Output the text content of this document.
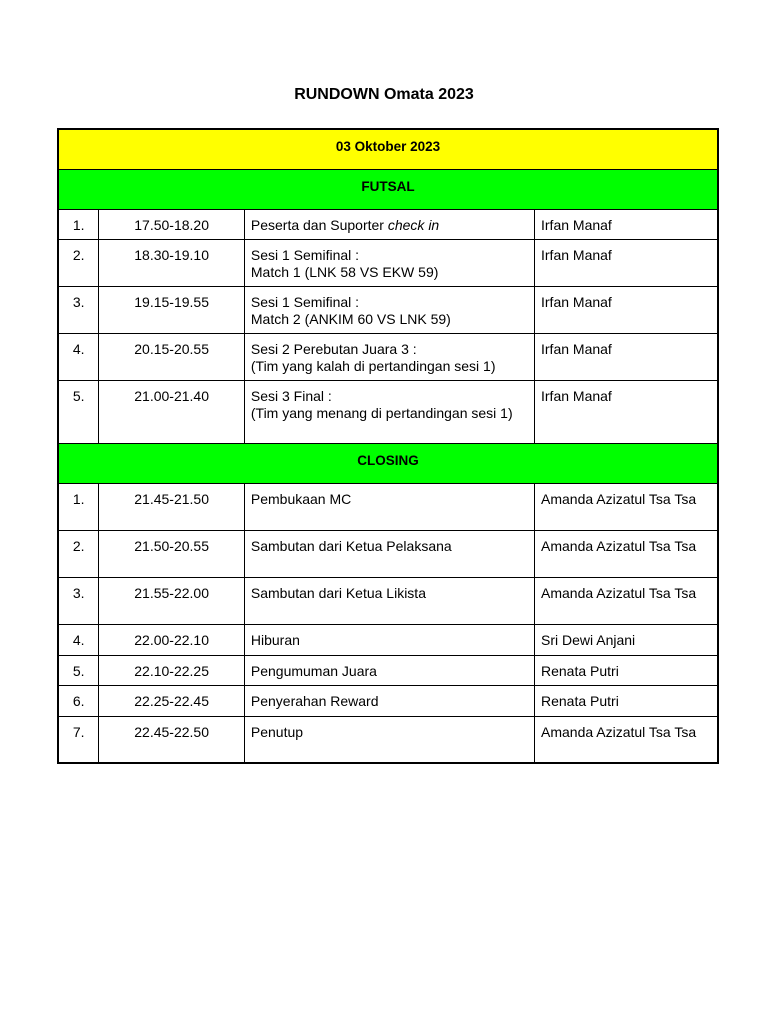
RUNDOWN Omata 2023
03 Oktober 2023			
FUTSAL			
1.	17.50-18.20	Peserta dan Suporter check in	Irfan Manaf
2.	18.30-19.10	Sesi 1 Semifinal :
Match 1 (LNK 58 VS EKW 59)	Irfan Manaf
3.	19.15-19.55	Sesi 1 Semifinal :
Match 2 (ANKIM 60 VS LNK 59)	Irfan Manaf
4.	20.15-20.55	Sesi 2 Perebutan Juara 3 :
(Tim yang kalah di pertandingan sesi 1)	Irfan Manaf
5.	21.00-21.40	Sesi 3 Final :
(Tim yang menang di pertandingan sesi 1)	Irfan Manaf
CLOSING			
1.	21.45-21.50	Pembukaan MC	Amanda Azizatul Tsa Tsa
2.	21.50-20.55	Sambutan dari Ketua Pelaksana	Amanda Azizatul Tsa Tsa
3.	21.55-22.00	Sambutan dari Ketua Likista	Amanda Azizatul Tsa Tsa
4.	22.00-22.10	Hiburan	Sri Dewi Anjani
5.	22.10-22.25	Pengumuman Juara	Renata Putri
6.	22.25-22.45	Penyerahan Reward	Renata Putri
7.	22.45-22.50	Penutup	Amanda Azizatul Tsa Tsa
